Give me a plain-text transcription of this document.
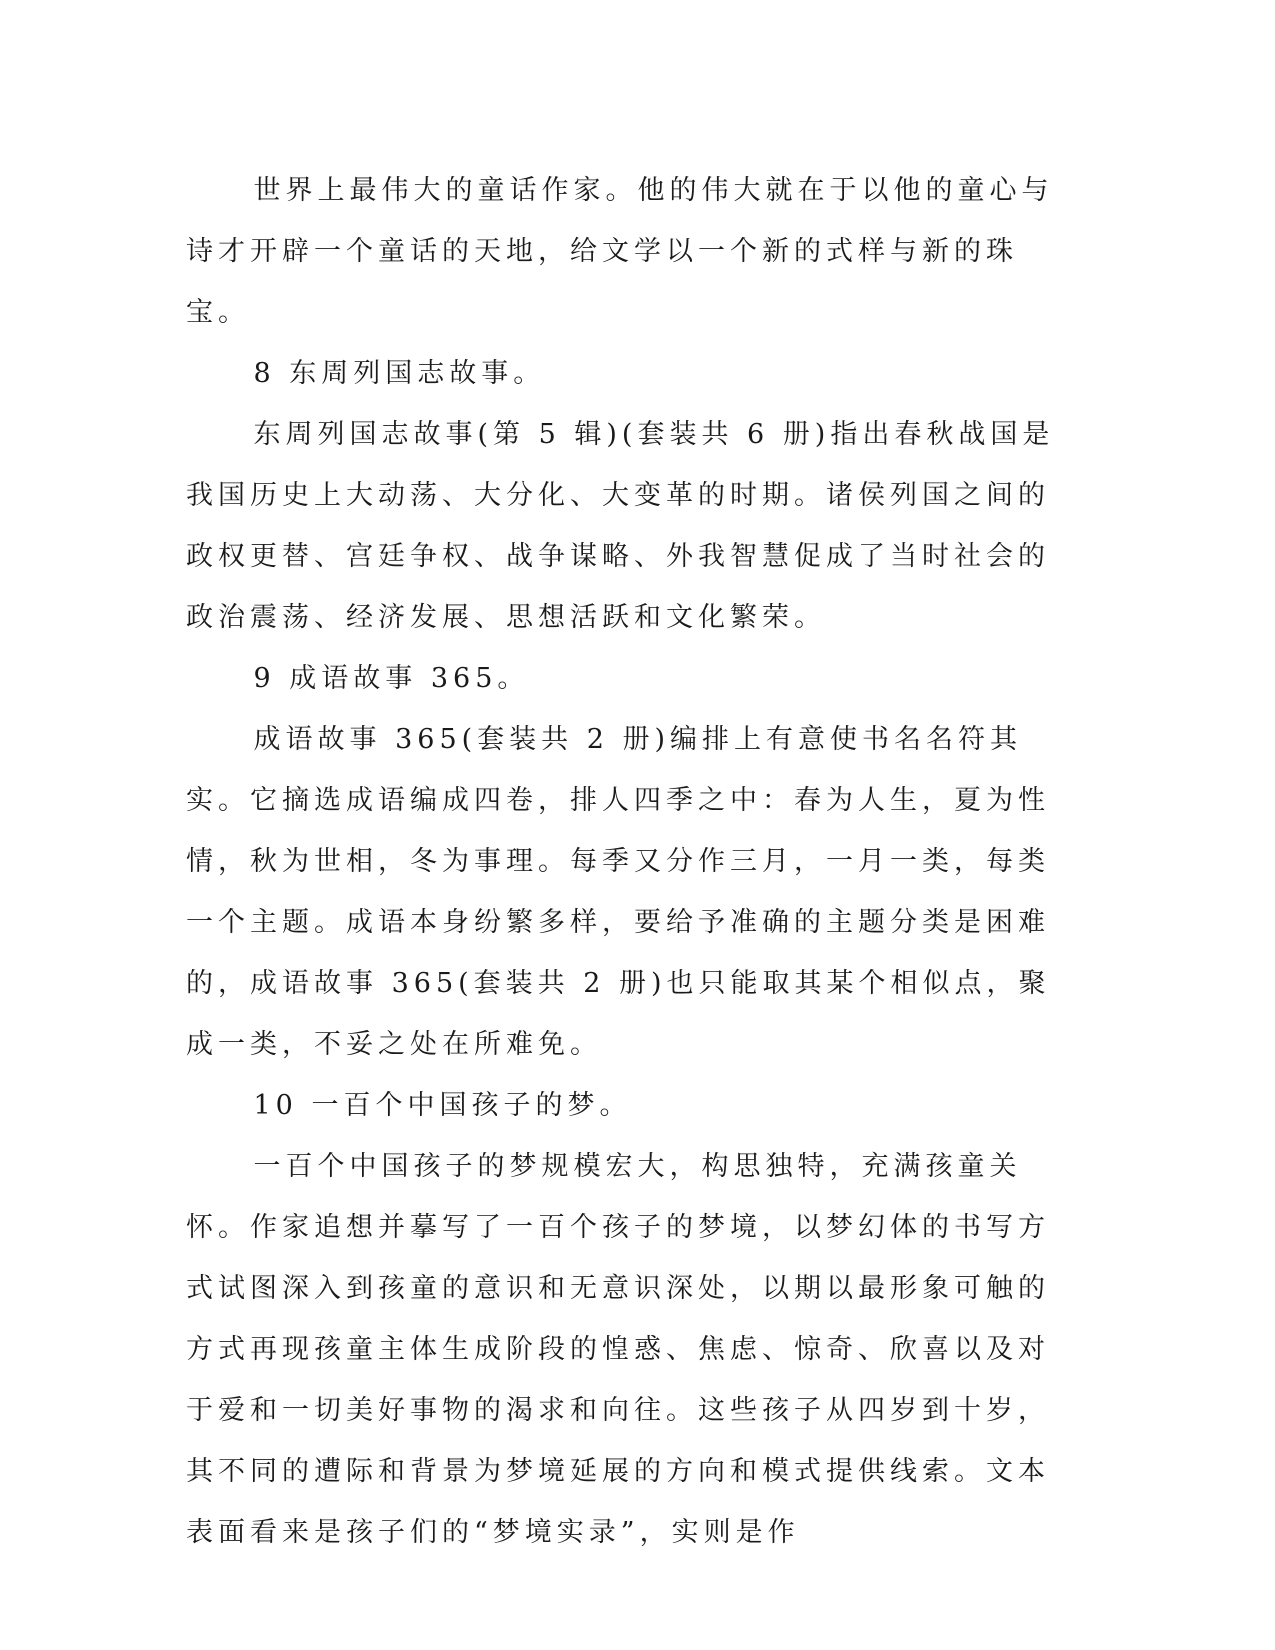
世界上最伟大的童话作家。他的伟大就在于以他的童心与诗才开辟一个童话的天地，给文学以一个新的式样与新的珠宝。

8 东周列国志故事。

东周列国志故事(第 5 辑)(套装共 6 册)指出春秋战国是我国历史上大动荡、大分化、大变革的时期。诸侯列国之间的政权更替、宫廷争权、战争谋略、外我智慧促成了当时社会的政治震荡、经济发展、思想活跃和文化繁荣。

9 成语故事 365。

成语故事 365(套装共 2 册)编排上有意使书名名符其实。它摘选成语编成四卷，排人四季之中：春为人生，夏为性情，秋为世相，冬为事理。每季又分作三月，一月一类，每类一个主题。成语本身纷繁多样，要给予准确的主题分类是困难的，成语故事 365(套装共 2 册)也只能取其某个相似点，聚成一类，不妥之处在所难免。

10 一百个中国孩子的梦。

一百个中国孩子的梦规模宏大，构思独特，充满孩童关怀。作家追想并摹写了一百个孩子的梦境，以梦幻体的书写方式试图深入到孩童的意识和无意识深处，以期以最形象可触的方式再现孩童主体生成阶段的惶惑、焦虑、惊奇、欣喜以及对于爱和一切美好事物的渴求和向往。这些孩子从四岁到十岁，其不同的遭际和背景为梦境延展的方向和模式提供线索。文本表面看来是孩子们的“梦境实录”，实则是作
